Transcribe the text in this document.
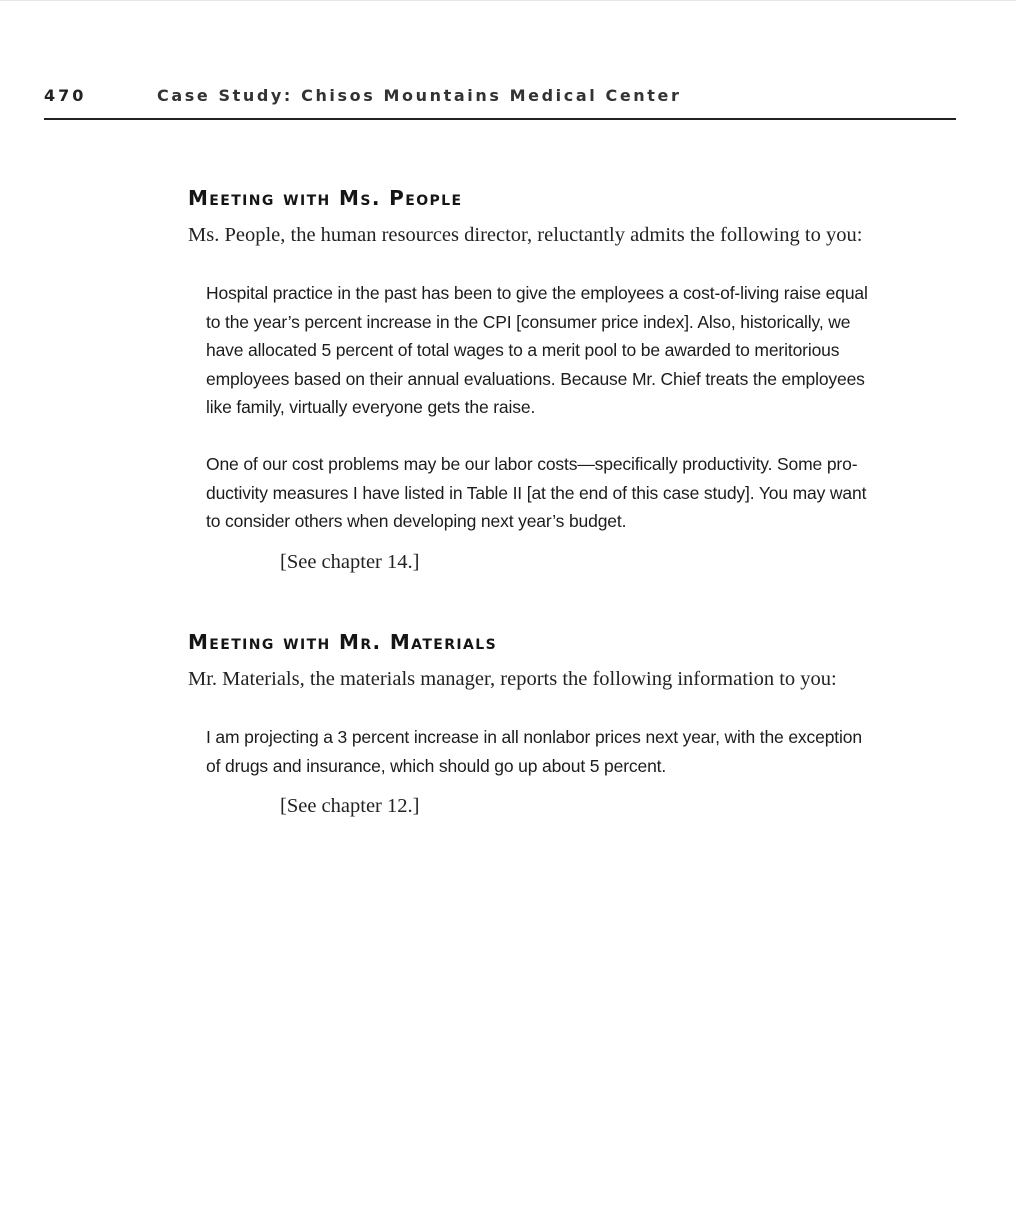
470	Case Study: Chisos Mountains Medical Center
Meeting with Ms. People

Ms. People, the human resources director, reluctantly admits the following to you:

Hospital practice in the past has been to give the employees a cost-of-living raise equal
to the year’s percent increase in the CPI [consumer price index]. Also, historically, we
have allocated 5 percent of total wages to a merit pool to be awarded to meritorious
employees based on their annual evaluations. Because Mr. Chief treats the employees
like family, virtually everyone gets the raise.
One of our cost problems may be our labor costs—specifically productivity. Some pro-
ductivity measures I have listed in Table II [at the end of this case study]. You may want
to consider others when developing next year’s budget.

[See chapter 14.]

Meeting with Mr. Materials

Mr. Materials, the materials manager, reports the following information to you:

I am projecting a 3 percent increase in all nonlabor prices next year, with the exception
of drugs and insurance, which should go up about 5 percent.

[See chapter 12.]
